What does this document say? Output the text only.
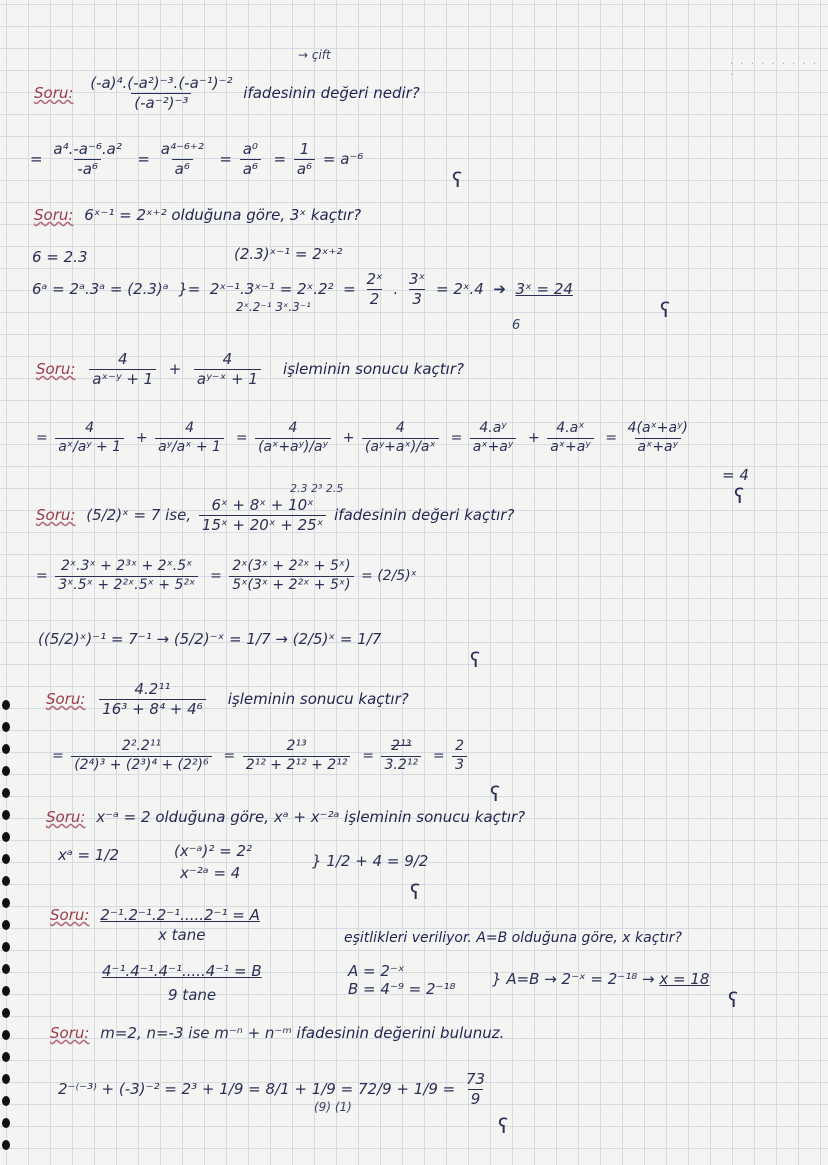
. . . . . . . . . .
→ çift
Soru: $\frac{\text{(-a)⁴.(-a²)⁻³.(-a⁻¹)⁻²}}{\text{(-a⁻²)⁻³}}$ ifadesinin değeri nedir?
= $\frac{\text{a⁴.-a⁻⁶.a²}}{\text{-a⁶}} = \frac{\text{a⁴⁻⁶⁺²}}{\text{a⁶}} = \frac{\text{a⁰}}{\text{a⁶}} = \frac{1}{\text{a⁶}} = a^{-6}$
ʕ
Soru: 6ˣ⁻¹ = 2ˣ⁺² olduğuna göre, 3ˣ kaçtır?
6 = 2.3	(2.3)ˣ⁻¹ = 2ˣ⁺²
6ᵃ = 2ᵃ.3ᵃ = (2.3)ᵃ  }=  2ˣ⁻¹.3ˣ⁻¹ = 2ˣ.2²  = $\frac{\text{2ˣ}}{2}$ . $\frac{\text{3ˣ}}{3}$ = 2ˣ.4  ➔  3ˣ = 24
2ˣ.2⁻¹ 3ˣ.3⁻¹
6
ʕ
Soru: $\frac{4}{\text{aˣ⁻ʸ + 1}} + \frac{4}{\text{aʸ⁻ˣ + 1}}$ işleminin sonucu kaçtır?
= $\frac{4}{\text{aˣ/aʸ + 1}} + \frac{4}{\text{aʸ/aˣ + 1}} = \frac{4}{\text{(aˣ+aʸ)/aʸ}} + \frac{4}{\text{(aʸ+aˣ)/aˣ}} = \frac{\text{4.aʸ}}{\text{aˣ+aʸ}} + \frac{\text{4.aˣ}}{\text{aˣ+aʸ}} = \frac{\text{4(aˣ+aʸ)}}{\text{aˣ+aʸ}}$
= 4
ʕ
2.3 2³ 2.5
Soru: (5/2)ˣ = 7 ise, $\frac{\text{6ˣ + 8ˣ + 10ˣ}}{\text{15ˣ + 20ˣ + 25ˣ}}$ ifadesinin değeri kaçtır?
= $\frac{\text{2ˣ.3ˣ + 2³ˣ + 2ˣ.5ˣ}}{\text{3ˣ.5ˣ + 2²ˣ.5ˣ + 5²ˣ}} = \frac{\text{2ˣ(3ˣ + 2²ˣ + 5ˣ)}}{\text{5ˣ(3ˣ + 2²ˣ + 5ˣ)}}$ = (2/5)ˣ
((5/2)ˣ)⁻¹ = 7⁻¹ → (5/2)⁻ˣ = 1/7 → (2/5)ˣ = 1/7
ʕ
Soru: $\frac{\text{4.2¹¹}}{\text{16³ + 8⁴ + 4⁶}}$ işleminin sonucu kaçtır?
= $\frac{\text{2².2¹¹}}{\text{(2⁴)³ + (2³)⁴ + (2²)⁶}} = \frac{\text{2¹³}}{\text{2¹² + 2¹² + 2¹²}} = \frac{\text{2¹³}}{\text{3.2¹²}} = \frac{2}{3}$
ʕ
Soru: x⁻ᵃ = 2 olduğuna göre, xᵃ + x⁻²ᵃ işleminin sonucu kaçtır?
xᵃ = 1/2	(x⁻ᵃ)² = 2²
x⁻²ᵃ = 4
} 1/2 + 4 = 9/2
ʕ
Soru: 2⁻¹.2⁻¹.2⁻¹.....2⁻¹ = A
x tane	eşitlikleri veriliyor. A=B olduğuna göre, x kaçtır?
4⁻¹.4⁻¹.4⁻¹.....4⁻¹ = B
9 tane
A = 2⁻ˣ
B = 4⁻⁹ = 2⁻¹⁸
} A=B → 2⁻ˣ = 2⁻¹⁸ → x = 18
ʕ
Soru: m=2, n=-3 ise m⁻ⁿ + n⁻ᵐ ifadesinin değerini bulunuz.
$2^{-(-3)} + (-3)^{-2} = 2^3 + 1/9 = 8/1 + 1/9 = 72/9 + 1/9 = \frac{73}{9}$
(9) (1)
ʕ
